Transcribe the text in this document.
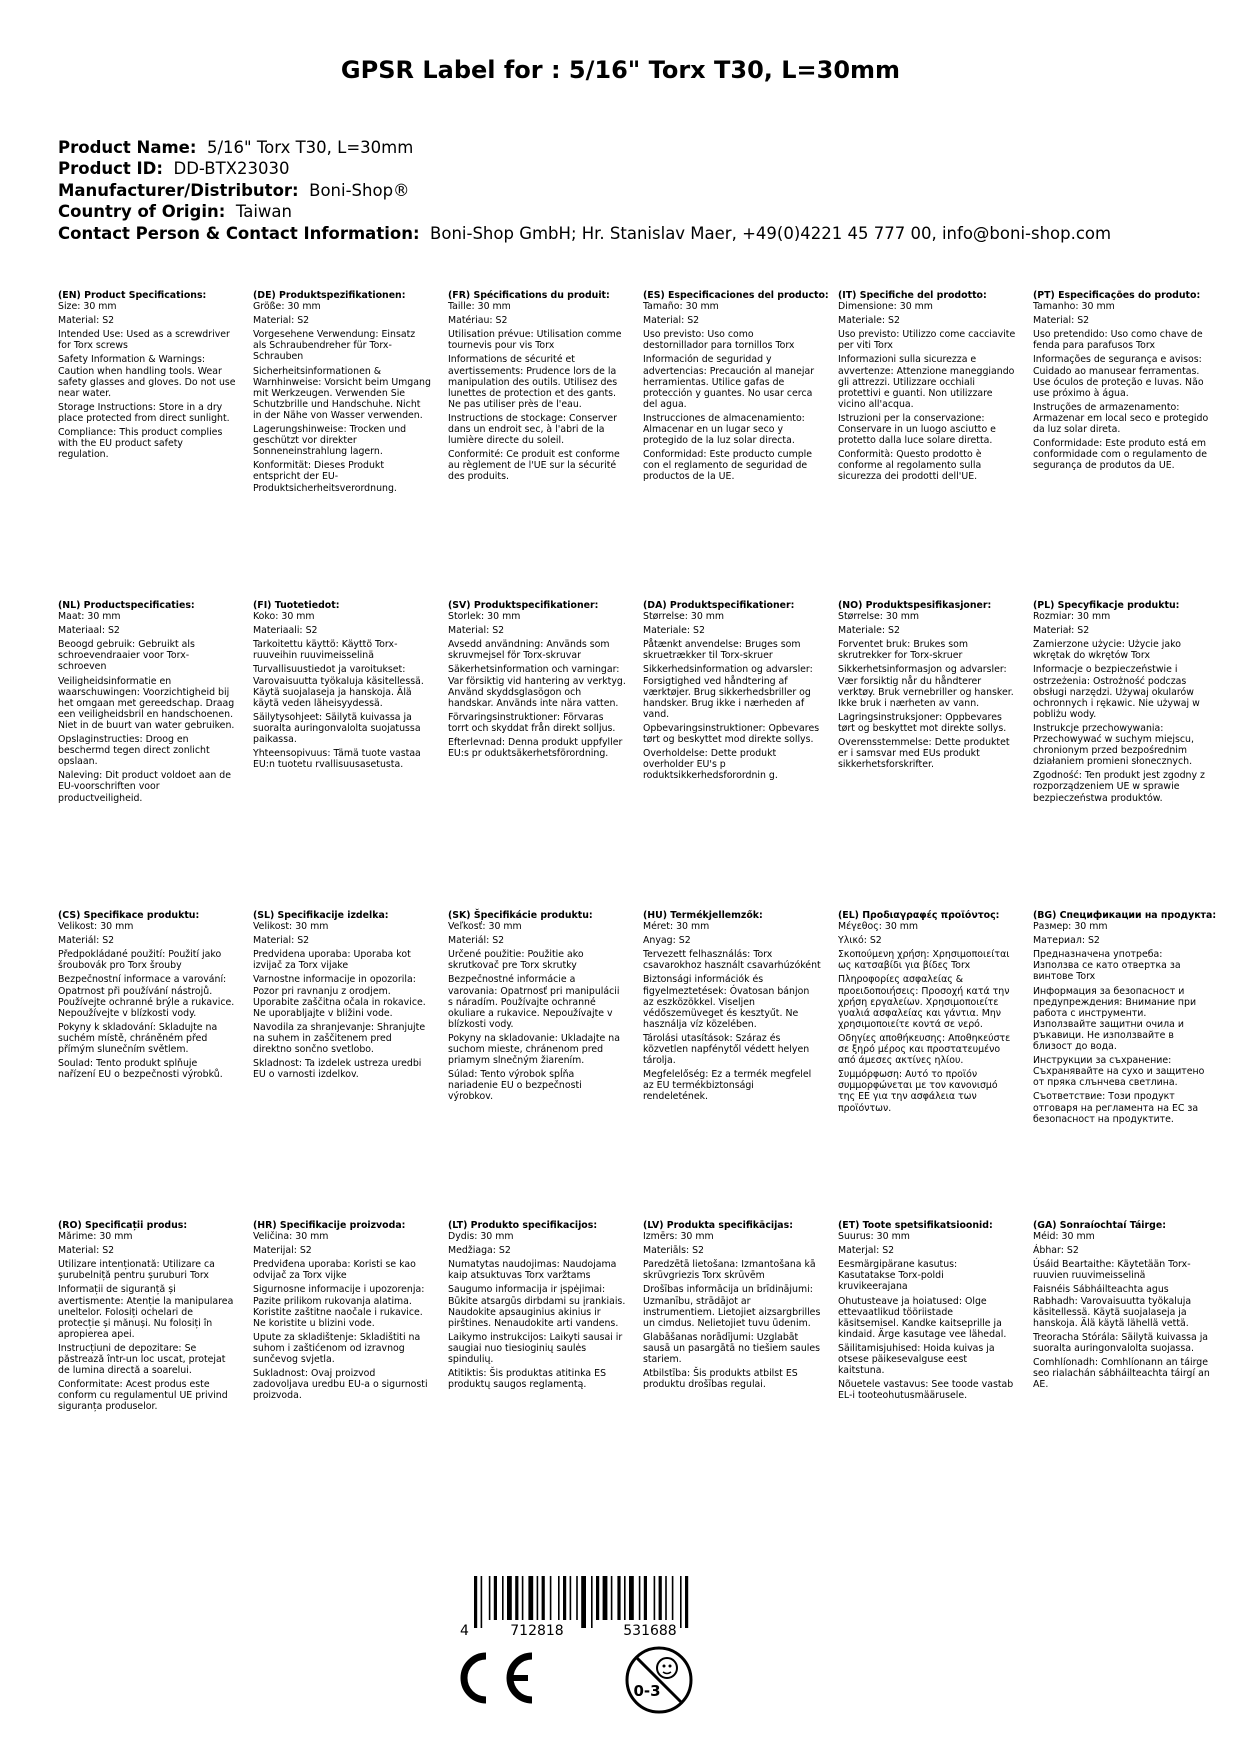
GPSR Label for : 5/16" Torx T30, L=30mm
Product Name: 5/16" Torx T30, L=30mm
Product ID: DD-BTX23030
Manufacturer/Distributor: Boni-Shop®
Country of Origin: Taiwan
Contact Person & Contact Information: Boni-Shop GmbH; Hr. Stanislav Maer, +49(0)4221 45 777 00, info@boni-shop.com
(EN) Product Specifications:
Size: 30 mm
Material: S2
Intended Use: Used as a screwdriver for Torx screws
Safety Information & Warnings: Caution when handling tools. Wear safety glasses and gloves. Do not use near water.
Storage Instructions: Store in a dry place protected from direct sunlight.
Compliance: This product complies with the EU product safety regulation.
(DE) Produktspezifikationen:
Größe: 30 mm
Material: S2
Vorgesehene Verwendung: Einsatz als Schraubendreher für Torx-Schrauben
Sicherheitsinformationen & Warnhinweise: Vorsicht beim Umgang mit Werkzeugen. Verwenden Sie Schutzbrille und Handschuhe. Nicht in der Nähe von Wasser verwenden.
Lagerungshinweise: Trocken und geschützt vor direkter Sonneneinstrahlung lagern.
Konformität: Dieses Produkt entspricht der EU-Produktsicherheitsverordnung.
(FR) Spécifications du produit:
Taille: 30 mm
Matériau: S2
Utilisation prévue: Utilisation comme tournevis pour vis Torx
Informations de sécurité et avertissements: Prudence lors de la manipulation des outils. Utilisez des lunettes de protection et des gants. Ne pas utiliser près de l'eau.
Instructions de stockage: Conserver dans un endroit sec, à l'abri de la lumière directe du soleil.
Conformité: Ce produit est conforme au règlement de l'UE sur la sécurité des produits.
(ES) Especificaciones del producto:
Tamaño: 30 mm
Material: S2
Uso previsto: Uso como destornillador para tornillos Torx
Información de seguridad y advertencias: Precaución al manejar herramientas. Utilice gafas de protección y guantes. No usar cerca del agua.
Instrucciones de almacenamiento: Almacenar en un lugar seco y protegido de la luz solar directa.
Conformidad: Este producto cumple con el reglamento de seguridad de productos de la UE.
(IT) Specifiche del prodotto:
Dimensione: 30 mm
Materiale: S2
Uso previsto: Utilizzo come cacciavite per viti Torx
Informazioni sulla sicurezza e avvertenze: Attenzione maneggiando gli attrezzi. Utilizzare occhiali protettivi e guanti. Non utilizzare vicino all'acqua.
Istruzioni per la conservazione: Conservare in un luogo asciutto e protetto dalla luce solare diretta.
Conformità: Questo prodotto è conforme al regolamento sulla sicurezza dei prodotti dell'UE.
(PT) Especificações do produto:
Tamanho: 30 mm
Material: S2
Uso pretendido: Uso como chave de fenda para parafusos Torx
Informações de segurança e avisos: Cuidado ao manusear ferramentas. Use óculos de proteção e luvas. Não use próximo à água.
Instruções de armazenamento: Armazenar em local seco e protegido da luz solar direta.
Conformidade: Este produto está em conformidade com o regulamento de segurança de produtos da UE.
(NL) Productspecificaties:
Maat: 30 mm
Materiaal: S2
Beoogd gebruik: Gebruikt als schroevendraaier voor Torx-schroeven
Veiligheidsinformatie en waarschuwingen: Voorzichtigheid bij het omgaan met gereedschap. Draag een veiligheidsbril en handschoenen. Niet in de buurt van water gebruiken.
Opslaginstructies: Droog en beschermd tegen direct zonlicht opslaan.
Naleving: Dit product voldoet aan de EU-voorschriften voor productveiligheid.
(FI) Tuotetiedot:
Koko: 30 mm
Materiaali: S2
Tarkoitettu käyttö: Käyttö Torx-ruuveihin ruuvimeisselinä
Turvallisuustiedot ja varoitukset: Varovaisuutta työkaluja käsitellessä. Käytä suojalaseja ja hanskoja. Älä käytä veden läheisyydessä.
Säilytysohjeet: Säilytä kuivassa ja suoralta auringonvalolta suojatussa paikassa.
Yhteensopivuus: Tämä tuote vastaa EU:n tuotetu rvallisuusasetusta.
(SV) Produktspecifikationer:
Storlek: 30 mm
Material: S2
Avsedd användning: Används som skruvmejsel för Torx-skruvar
Säkerhetsinformation och varningar: Var försiktig vid hantering av verktyg. Använd skyddsglasögon och handskar. Används inte nära vatten.
Förvaringsinstruktioner: Förvaras torrt och skyddat från direkt solljus.
Efterlevnad: Denna produkt uppfyller EU:s pr oduktsäkerhetsförordning.
(DA) Produktspecifikationer:
Størrelse: 30 mm
Materiale: S2
Påtænkt anvendelse: Bruges som skruetrækker til Torx-skruer
Sikkerhedsinformation og advarsler: Forsigtighed ved håndtering af værktøjer. Brug sikkerhedsbriller og handsker. Brug ikke i nærheden af vand.
Opbevaringsinstruktioner: Opbevares tørt og beskyttet mod direkte sollys.
Overholdelse: Dette produkt overholder EU's p roduktsikkerhedsforordnin g.
(NO) Produktspesifikasjoner:
Størrelse: 30 mm
Materiale: S2
Forventet bruk: Brukes som skrutrekker for Torx-skruer
Sikkerhetsinformasjon og advarsler: Vær forsiktig når du håndterer verktøy. Bruk vernebriller og hansker. Ikke bruk i nærheten av vann.
Lagringsinstruksjoner: Oppbevares tørt og beskyttet mot direkte sollys.
Overensstemmelse: Dette produktet er i samsvar med EUs produkt sikkerhetsforskrifter.
(PL) Specyfikacje produktu:
Rozmiar: 30 mm
Materiał: S2
Zamierzone użycie: Użycie jako wkrętak do wkrętów Torx
Informacje o bezpieczeństwie i ostrzeżenia: Ostrożność podczas obsługi narzędzi. Używaj okularów ochronnych i rękawic. Nie używaj w pobliżu wody.
Instrukcje przechowywania: Przechowywać w suchym miejscu, chronionym przed bezpośrednim działaniem promieni słonecznych.
Zgodność: Ten produkt jest zgodny z rozporządzeniem UE w sprawie bezpieczeństwa produktów.
(CS) Specifikace produktu:
Velikost: 30 mm
Materiál: S2
Předpokládané použití: Použití jako šroubovák pro Torx šrouby
Bezpečnostní informace a varování: Opatrnost při používání nástrojů. Používejte ochranné brýle a rukavice. Nepoužívejte v blízkosti vody.
Pokyny k skladování: Skladujte na suchém místě, chráněném před přímým slunečním světlem.
Soulad: Tento produkt splňuje nařízení EU o bezpečnosti výrobků.
(SL) Specifikacije izdelka:
Velikost: 30 mm
Material: S2
Predvidena uporaba: Uporaba kot izvijač za Torx vijake
Varnostne informacije in opozorila: Pozor pri ravnanju z orodjem. Uporabite zaščitna očala in rokavice. Ne uporabljajte v bližini vode.
Navodila za shranjevanje: Shranjujte na suhem in zaščitenem pred direktno sončno svetlobo.
Skladnost: Ta izdelek ustreza uredbi EU o varnosti izdelkov.
(SK) Špecifikácie produktu:
Veľkosť: 30 mm
Materiál: S2
Určené použitie: Použitie ako skrutkovač pre Torx skrutky
Bezpečnostné informácie a varovania: Opatrnosť pri manipulácii s náradím. Používajte ochranné okuliare a rukavice. Nepoužívajte v blízkosti vody.
Pokyny na skladovanie: Ukladajte na suchom mieste, chránenom pred priamym slnečným žiarením.
Súlad: Tento výrobok spĺňa nariadenie EU o bezpečnosti výrobkov.
(HU) Termékjellemzők:
Méret: 30 mm
Anyag: S2
Tervezett felhasználás: Torx csavarokhoz használt csavarhúzóként
Biztonsági információk és figyelmeztetések: Óvatosan bánjon az eszközökkel. Viseljen védőszemüveget és kesztyűt. Ne használja víz közelében.
Tárolási utasítások: Száraz és közvetlen napfénytől védett helyen tárolja.
Megfelelőség: Ez a termék megfelel az EU termékbiztonsági rendeletének.
(EL) Προδιαγραφές προϊόντος:
Μέγεθος: 30 mm
Υλικό: S2
Σκοπούμενη χρήση: Χρησιμοποιείται ως κατσαβίδι για βίδες Torx
Πληροφορίες ασφαλείας & προειδοποιήσεις: Προσοχή κατά την χρήση εργαλείων. Χρησιμοποιείτε γυαλιά ασφαλείας και γάντια. Μην χρησιμοποιείτε κοντά σε νερό.
Οδηγίες αποθήκευσης: Αποθηκεύστε σε ξηρό μέρος και προστατευμένο από άμεσες ακτίνες ηλίου.
Συμμόρφωση: Αυτό το προϊόν συμμορφώνεται με τον κανονισμό της ΕΕ για την ασφάλεια των προϊόντων.
(BG) Спецификации на продукта:
Размер: 30 mm
Материал: S2
Предназначена употреба: Използва се като отвертка за винтове Torx
Информация за безопасност и предупреждения: Внимание при работа с инструменти. Използвайте защитни очила и ръкавици. Не използвайте в близост до вода.
Инструкции за съхранение: Съхранявайте на сухо и защитено от пряка слънчева светлина.
Съответствие: Този продукт отговаря на регламента на ЕС за безопасност на продуктите.
(RO) Specificații produs:
Mărime: 30 mm
Material: S2
Utilizare intenționată: Utilizare ca șurubelniță pentru șuruburi Torx
Informații de siguranță și avertismente: Atenție la manipularea uneltelor. Folosiți ochelari de protecție și mănuși. Nu folosiți în apropierea apei.
Instrucțiuni de depozitare: Se păstrează într-un loc uscat, protejat de lumina directă a soarelui.
Conformitate: Acest produs este conform cu regulamentul UE privind siguranța produselor.
(HR) Specifikacije proizvoda:
Veličina: 30 mm
Materijal: S2
Predviđena uporaba: Koristi se kao odvijač za Torx vijke
Sigurnosne informacije i upozorenja: Pazite prilikom rukovanja alatima. Koristite zaštitne naočale i rukavice. Ne koristite u blizini vode.
Upute za skladištenje: Skladištiti na suhom i zaštićenom od izravnog sunčevog svjetla.
Sukladnost: Ovaj proizvod zadovoljava uredbu EU-a o sigurnosti proizvoda.
(LT) Produkto specifikacijos:
Dydis: 30 mm
Medžiaga: S2
Numatytas naudojimas: Naudojama kaip atsuktuvas Torx varžtams
Saugumo informacija ir įspėjimai: Būkite atsargūs dirbdami su įrankiais. Naudokite apsauginius akinius ir pirštines. Nenaudokite arti vandens.
Laikymo instrukcijos: Laikyti sausai ir saugiai nuo tiesioginių saulės spindulių.
Atitiktis: Šis produktas atitinka ES produktų saugos reglamentą.
(LV) Produkta specifikācijas:
Izmērs: 30 mm
Materiāls: S2
Paredzētā lietošana: Izmantošana kā skrūvgriezis Torx skrūvēm
Drošības informācija un brīdinājumi: Uzmanību, strādājot ar instrumentiem. Lietojiet aizsargbrilles un cimdus. Nelietojiet tuvu ūdenim.
Glabāšanas norādījumi: Uzglabāt sausā un pasargātā no tiešiem saules stariem.
Atbilstība: Šis produkts atbilst ES produktu drošības regulai.
(ET) Toote spetsifikatsioonid:
Suurus: 30 mm
Materjal: S2
Eesmärgipärane kasutus: Kasutatakse Torx-poldi kruvikeerajana
Ohutusteave ja hoiatused: Olge ettevaatlikud tööriistade käsitsemisel. Kandke kaitseprille ja kindaid. Ärge kasutage vee lähedal.
Säilitamisjuhised: Hoida kuivas ja otsese päikesevalguse eest kaitstuna.
Nõuetele vastavus: See toode vastab EL-i tooteohutusmäärusele.
(GA) Sonraíochtaí Táirge:
Méid: 30 mm
Ábhar: S2
Úsáid Beartaithe: Käytetään Torx-ruuvien ruuvimeisselinä
Faisnéis Sábháilteachta agus Rabhadh: Varovaisuutta työkaluja käsitellessä. Käytä suojalaseja ja hanskoja. Älä käytä lähellä vettä.
Treoracha Stórála: Säilytä kuivassa ja suoralta auringonvalolta suojassa.
Comhlíonadh: Comhlíonann an táirge seo rialachán sábháilteachta táirgí an AE.
4	712818	531688
0-3
